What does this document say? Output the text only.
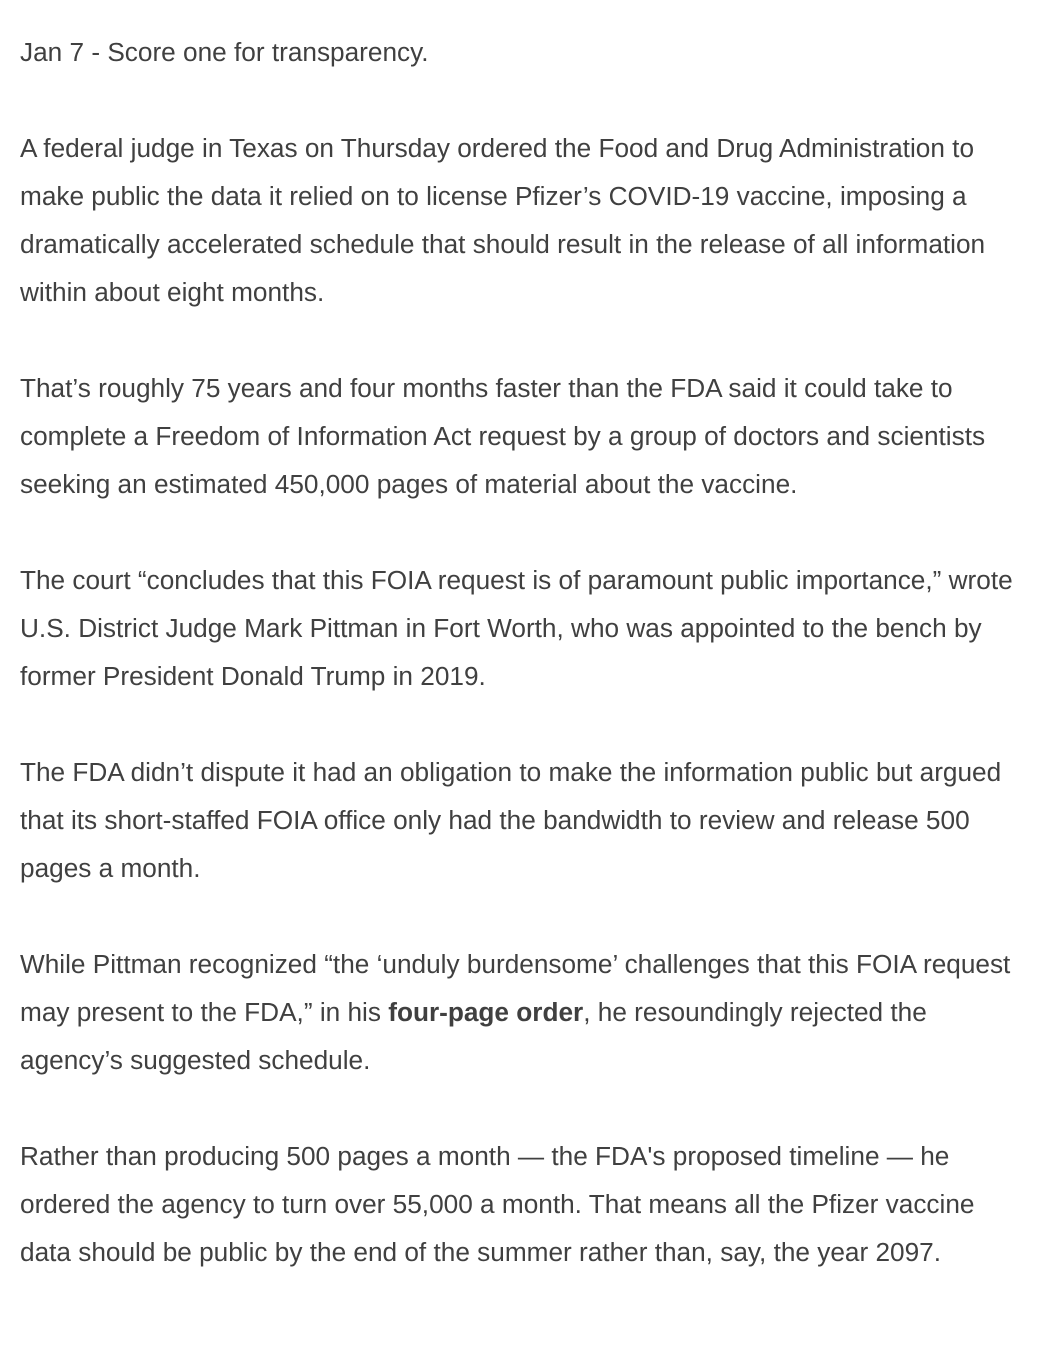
Jan 7 - Score one for transparency.

A federal judge in Texas on Thursday ordered the Food and Drug Administration to make public the data it relied on to license Pfizer’s COVID-19 vaccine, imposing a dramatically accelerated schedule that should result in the release of all information within about eight months.

That’s roughly 75 years and four months faster than the FDA said it could take to complete a Freedom of Information Act request by a group of doctors and scientists seeking an estimated 450,000 pages of material about the vaccine.

The court “concludes that this FOIA request is of paramount public importance,” wrote U.S. District Judge Mark Pittman in Fort Worth, who was appointed to the bench by former President Donald Trump in 2019.

The FDA didn’t dispute it had an obligation to make the information public but argued that its short-staffed FOIA office only had the bandwidth to review and release 500 pages a month.

While Pittman recognized “the ‘unduly burdensome’ challenges that this FOIA request may present to the FDA,” in his four-page order, he resoundingly rejected the agency’s suggested schedule.

Rather than producing 500 pages a month — the FDA's proposed timeline — he ordered the agency to turn over 55,000 a month. That means all the Pfizer vaccine data should be public by the end of the summer rather than, say, the year 2097.
